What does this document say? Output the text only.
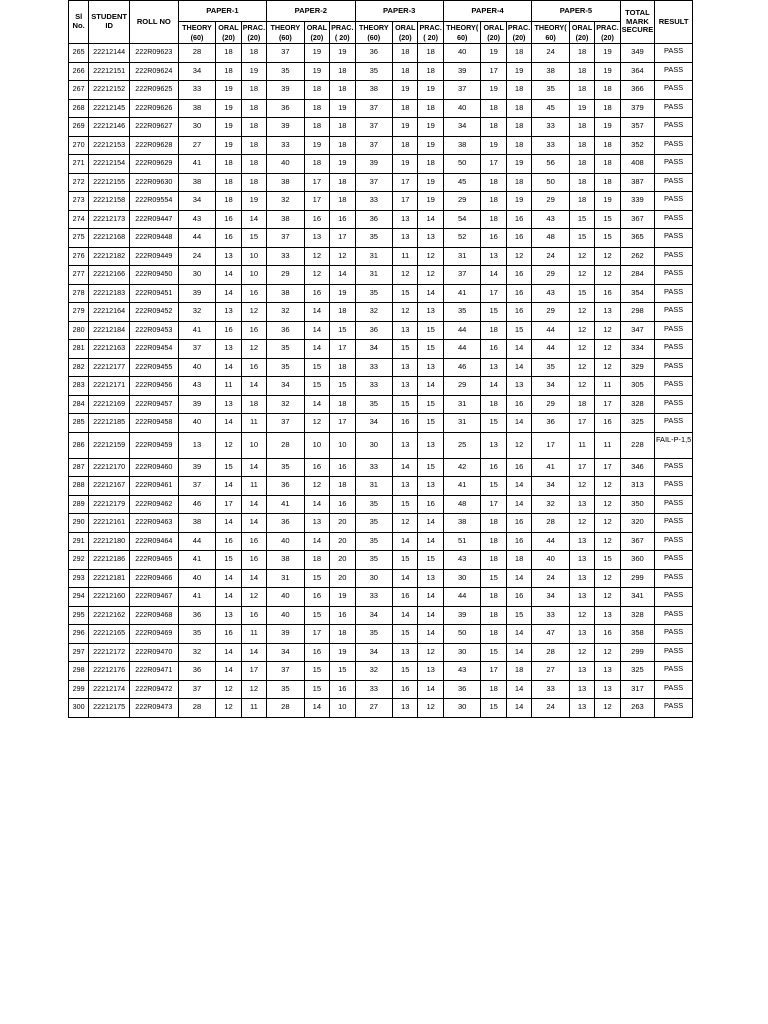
Sl No.	STUDENT ID	ROLL NO	PAPER-1			PAPER-2			PAPER-3			PAPER-4			PAPER-5			TOTAL MARK SECURE	RESULT
			THEORY (60)	ORAL (20)	PRAC. (20)	THEORY (60)	ORAL (20)	PRAC.( 20)	THEORY (60)	ORAL (20)	PRAC.( 20)	THEORY( 60)	ORAL (20)	PRAC. (20)	THEORY( 60)	ORAL (20)	PRAC. (20)		
265	22212144	222R09623	28	18	18	37	19	19	36	18	18	40	19	18	24	18	19	349	PASS
266	22212151	222R09624	34	18	19	35	19	18	35	18	18	39	17	19	38	18	19	364	PASS
267	22212152	222R09625	33	19	18	39	18	18	38	19	19	37	19	18	35	18	18	366	PASS
268	22212145	222R09626	38	19	18	36	18	19	37	18	18	40	18	18	45	19	18	379	PASS
269	22212146	222R09627	30	19	18	39	18	18	37	19	19	34	18	18	33	18	19	357	PASS
270	22212153	222R09628	27	19	18	33	19	18	37	18	19	38	19	18	33	18	18	352	PASS
271	22212154	222R09629	41	18	18	40	18	19	39	19	18	50	17	19	56	18	18	408	PASS
272	22212155	222R09630	38	18	18	38	17	18	37	17	19	45	18	18	50	18	18	387	PASS
273	22212158	222R09554	34	18	19	32	17	18	33	17	19	29	18	19	29	18	19	339	PASS
274	22212173	222R09447	43	16	14	38	16	16	36	13	14	54	18	16	43	15	15	367	PASS
275	22212168	222R09448	44	16	15	37	13	17	35	13	13	52	16	16	48	15	15	365	PASS
276	22212182	222R09449	24	13	10	33	12	12	31	11	12	31	13	12	24	12	12	262	PASS
277	22212166	222R09450	30	14	10	29	12	14	31	12	12	37	14	16	29	12	12	284	PASS
278	22212183	222R09451	39	14	16	38	16	19	35	15	14	41	17	16	43	15	16	354	PASS
279	22212164	222R09452	32	13	12	32	14	18	32	12	13	35	15	16	29	12	13	298	PASS
280	22212184	222R09453	41	16	16	36	14	15	36	13	15	44	18	15	44	12	12	347	PASS
281	22212163	222R09454	37	13	12	35	14	17	34	15	15	44	16	14	44	12	12	334	PASS
282	22212177	222R09455	40	14	16	35	15	18	33	13	13	46	13	14	35	12	12	329	PASS
283	22212171	222R09456	43	11	14	34	15	15	33	13	14	29	14	13	34	12	11	305	PASS
284	22212169	222R09457	39	13	18	32	14	18	35	15	15	31	18	16	29	18	17	328	PASS
285	22212185	222R09458	40	14	11	37	12	17	34	16	15	31	15	14	36	17	16	325	PASS
286	22212159	222R09459	13	12	10	28	10	10	30	13	13	25	13	12	17	11	11	228	FAIL-P-1,5
287	22212170	222R09460	39	15	14	35	16	16	33	14	15	42	16	16	41	17	17	346	PASS
288	22212167	222R09461	37	14	11	36	12	18	31	13	13	41	15	14	34	12	12	313	PASS
289	22212179	222R09462	46	17	14	41	14	16	35	15	16	48	17	14	32	13	12	350	PASS
290	22212161	222R09463	38	14	14	36	13	20	35	12	14	38	18	16	28	12	12	320	PASS
291	22212180	222R09464	44	16	16	40	14	20	35	14	14	51	18	16	44	13	12	367	PASS
292	22212186	222R09465	41	15	16	38	18	20	35	15	15	43	18	18	40	13	15	360	PASS
293	22212181	222R09466	40	14	14	31	15	20	30	14	13	30	15	14	24	13	12	299	PASS
294	22212160	222R09467	41	14	12	40	16	19	33	16	14	44	18	16	34	13	12	341	PASS
295	22212162	222R09468	36	13	16	40	15	16	34	14	14	39	18	15	33	12	13	328	PASS
296	22212165	222R09469	35	16	11	39	17	18	35	15	14	50	18	14	47	13	16	358	PASS
297	22212172	222R09470	32	14	14	34	16	19	34	13	12	30	15	14	28	12	12	299	PASS
298	22212176	222R09471	36	14	17	37	15	15	32	15	13	43	17	18	27	13	13	325	PASS
299	22212174	222R09472	37	12	12	35	15	16	33	16	14	36	18	14	33	13	13	317	PASS
300	22212175	222R09473	28	12	11	28	14	10	27	13	12	30	15	14	24	13	12	263	PASS
